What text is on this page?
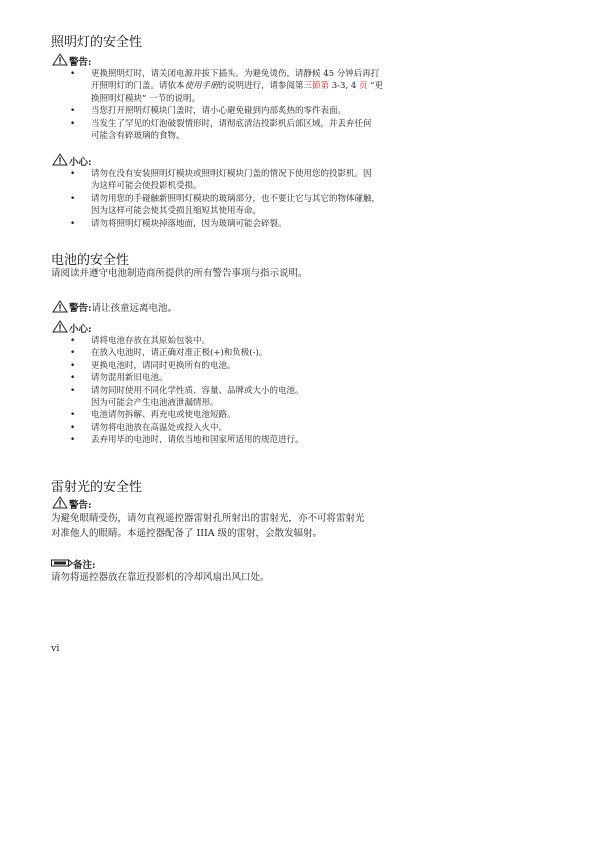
照明灯的安全性
警告:
• 更换照明灯时，请关闭电源并拔下插头。为避免烫伤，请静候 45 分钟后再打
开照明灯的门盖。请依本使用手册的说明进行，请参阅第三節第 3-3, 4 页 “更
换照明灯模块” 一节的说明。
• 当您打开照明灯模块门盖时，请小心避免碰到内部炙热的零件表面。
• 当发生了罕见的灯泡破裂情形时，请彻底清洁投影机后部区域，并丢弃任何
可能含有碎玻璃的食物。
小心:
• 请勿在没有安装照明灯模块或照明灯模块门盖的情况下使用您的投影机。因
为这样可能会使投影机受损。
• 请勿用您的手碰触新照明灯模块的玻璃部分，也不要让它与其它的物体碰触，
因为这样可能会使其受损且缩短其使用寿命。
• 请勿将照明灯模块掉落地面，因为玻璃可能会碎裂。
电池的安全性
请阅读并遵守电池制造商所提供的所有警告事项与指示说明。
警告:请让孩童远离电池。
小心:
• 请将电池存放在其原始包装中。
• 在放入电池时，请正确对准正极(+)和负极(-)。
• 更换电池时，请同时更换所有的电池。
• 请勿混用新旧电池。
• 请勿同时使用不同化学性质、容量、品牌或大小的电池。
因为可能会产生电池液泄漏情形。
• 电池请勿拆解、再充电或使电池短路。
• 请勿将电池放在高温处或投入火中。
• 丢弃用毕的电池时，请依当地和国家所适用的规范进行。
雷射光的安全性
警告:
为避免眼睛受伤，请勿直视遥控器雷射孔所射出的雷射光，亦不可将雷射光
对准他人的眼睛。本遥控器配备了 IIIA 级的雷射，会散发辐射。
备注:
请勿将遥控器放在靠近投影机的冷却风扇出风口处。
vi
